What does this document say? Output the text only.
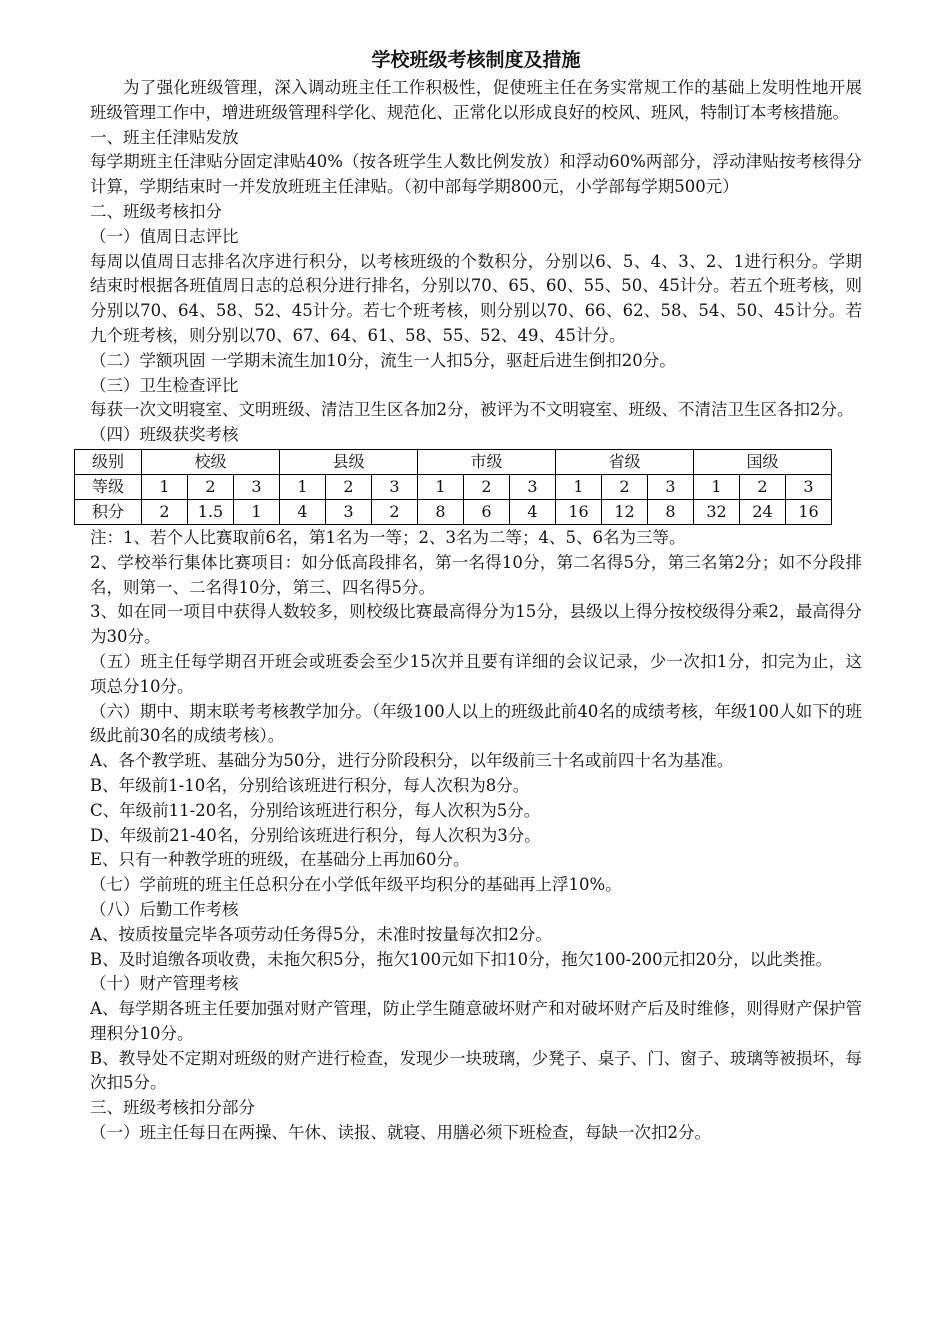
学校班级考核制度及措施

为了强化班级管理，深入调动班主任工作积极性，促使班主任在务实常规工作的基础上发明性地开展班级管理工作中，增进班级管理科学化、规范化、正常化以形成良好的校风、班风，特制订本考核措施。

一、班主任津贴发放

每学期班主任津贴分固定津贴40%（按各班学生人数比例发放）和浮动60%两部分，浮动津贴按考核得分计算，学期结束时一并发放班班主任津贴。（初中部每学期800元，小学部每学期500元）

二、班级考核扣分

（一）值周日志评比

每周以值周日志排名次序进行积分，以考核班级的个数积分，分别以6、5、4、3、2、1进行积分。学期结束时根据各班值周日志的总积分进行排名，分别以70、65、60、55、50、45计分。若五个班考核，则分别以70、64、58、52、45计分。若七个班考核，则分别以70、66、62、58、54、50、45计分。若九个班考核，则分别以70、67、64、61、58、55、52、49、45计分。

（二）学额巩固 一学期未流生加10分，流生一人扣5分，驱赶后进生倒扣20分。

（三）卫生检查评比

每获一次文明寝室、文明班级、清洁卫生区各加2分，被评为不文明寝室、班级、不清洁卫生区各扣2分。

（四）班级获奖考核

级别	校级			县级			市级			省级			国级		
等级	1	2	3	1	2	3	1	2	3	1	2	3	1	2	3
积分	2	1.5	1	4	3	2	8	6	4	16	12	8	32	24	16

注：1、若个人比赛取前6名，第1名为一等；2、3名为二等；4、5、6名为三等。

2、学校举行集体比赛项目：如分低高段排名，第一名得10分，第二名得5分，第三名第2分；如不分段排名，则第一、二名得10分，第三、四名得5分。

3、如在同一项目中获得人数较多，则校级比赛最高得分为15分，县级以上得分按校级得分乘2，最高得分为30分。

（五）班主任每学期召开班会或班委会至少15次并且要有详细的会议记录，少一次扣1分，扣完为止，这项总分10分。

（六）期中、期末联考考核教学加分。（年级100人以上的班级此前40名的成绩考核，年级100人如下的班级此前30名的成绩考核）。

A、各个教学班、基础分为50分，进行分阶段积分，以年级前三十名或前四十名为基准。

B、年级前1-10名，分别给该班进行积分，每人次积为8分。

C、年级前11-20名，分别给该班进行积分，每人次积为5分。

D、年级前21-40名，分别给该班进行积分，每人次积为3分。

E、只有一种教学班的班级，在基础分上再加60分。

（七）学前班的班主任总积分在小学低年级平均积分的基础再上浮10%。

（八）后勤工作考核

A、按质按量完毕各项劳动任务得5分，未准时按量每次扣2分。

B、及时追缴各项收费，未拖欠积5分，拖欠100元如下扣10分，拖欠100-200元扣20分，以此类推。

（十）财产管理考核

A、每学期各班主任要加强对财产管理，防止学生随意破坏财产和对破坏财产后及时维修，则得财产保护管理积分10分。

B、教导处不定期对班级的财产进行检查，发现少一块玻璃，少凳子、桌子、门、窗子、玻璃等被损坏，每次扣5分。

三、班级考核扣分部分

（一）班主任每日在两操、午休、读报、就寝、用膳必须下班检查，每缺一次扣2分。
